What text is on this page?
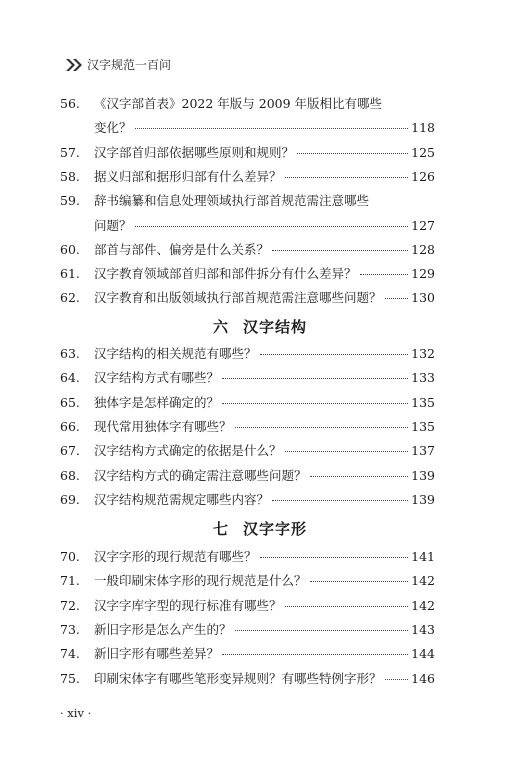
汉字规范一百问
56.	《汉字部首表》2022 年版与 2009 年版相比有哪些
变化？	118
57.	汉字部首归部依据哪些原则和规则？	125
58.	据义归部和据形归部有什么差异？	126
59.	辞书编纂和信息处理领域执行部首规范需注意哪些
问题？	127
60.	部首与部件、偏旁是什么关系？	128
61.	汉字教育领域部首归部和部件拆分有什么差异？	129
62.	汉字教育和出版领域执行部首规范需注意哪些问题？ 130
六 汉字结构
63.	汉字结构的相关规范有哪些？	132
64.	汉字结构方式有哪些？	133
65.	独体字是怎样确定的？	135
66.	现代常用独体字有哪些？	135
67.	汉字结构方式确定的依据是什么？	137
68.	汉字结构方式的确定需注意哪些问题？	139
69.	汉字结构规范需规定哪些内容？	139
七 汉字字形
70.	汉字字形的现行规范有哪些？	141
71.	一般印刷宋体字形的现行规范是什么？	142
72.	汉字字库字型的现行标准有哪些？	142
73.	新旧字形是怎么产生的？	143
74.	新旧字形有哪些差异？	144
75.	印刷宋体字有哪些笔形变异规则？有哪些特例字形？ 146
· xiv ·
